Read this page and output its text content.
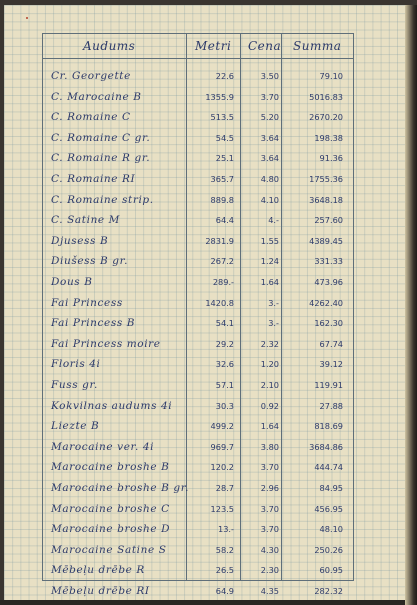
Audums	Metri Cena Summa
Cr. Georgette	22.6	3.50	79.10
C. Marocaine B	1355.9	3.70	5016.83
C. Romaine C	513.5	5.20	2670.20
C. Romaine C gr.	54.5	3.64	198.38
C. Romaine R gr.	25.1	3.64	91.36
C. Romaine RI	365.7	4.80	1755.36
C. Romaine strip.	889.8	4.10	3648.18
C. Satine M	64.4	4.-	257.60
Djusess B	2831.9	1.55	4389.45
Diušess B gr.	267.2	1.24	331.33
Dous B	289.-	1.64	473.96
Fai Princess	1420.8	3.-	4262.40
Fai Princess B	54.1	3.-	162.30
Fai Princess moire	29.2	2.32	67.74
Floris 4i	32.6	1.20	39.12
Fuss gr.	57.1	2.10	119.91
Kokvilnas audums 4i	30.3	0.92	27.88
Liezte B	499.2	1.64	818.69
Marocaine ver. 4i	969.7	3.80	3684.86
Marocaine broshe B	120.2	3.70	444.74
Marocaine broshe B gr.	28.7	2.96	84.95
Marocaine broshe C	123.5	3.70	456.95
Marocaine broshe D	13.-	3.70	48.10
Marocaine Satine S	58.2	4.30	250.26
Mēbeļu drēbe R	26.5	2.30	60.95
Mēbeļu drēbe RI	64.9	4.35	282.32
